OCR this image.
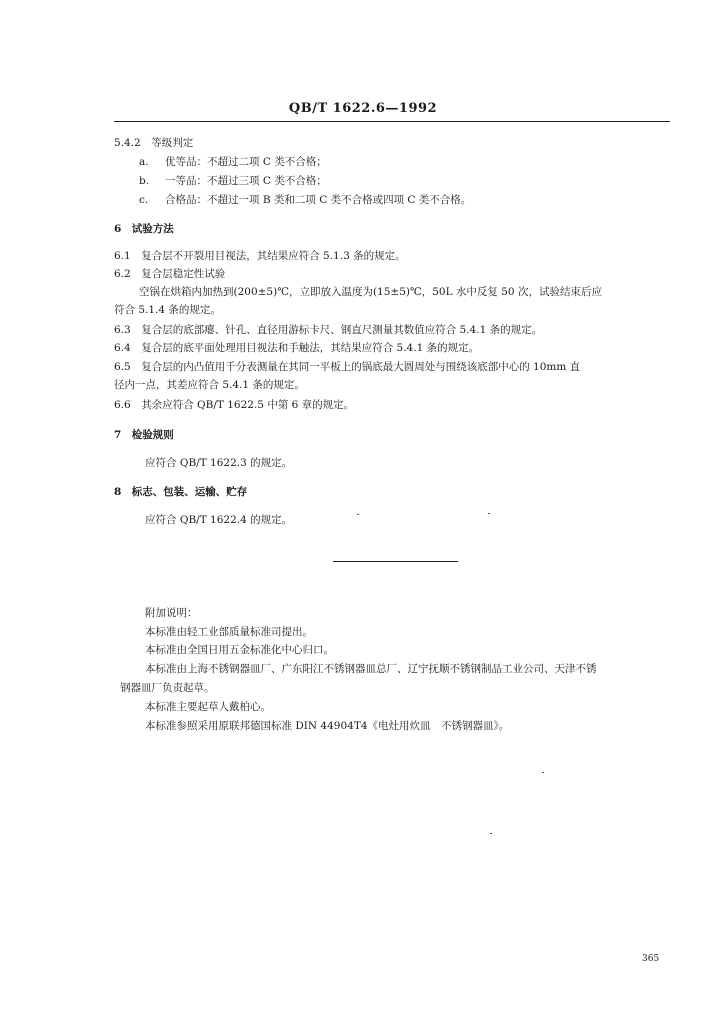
QB/T 1622.6—1992
5.4.2　等级判定
a. 优等品：不超过二项 C 类不合格；
b. 一等品：不超过三项 C 类不合格；
c. 合格品：不超过一项 B 类和二项 C 类不合格或四项 C 类不合格。
6　试验方法
6.1　复合层不开裂用目视法，其结果应符合 5.1.3 条的规定。
6.2　复合层稳定性试验
空锅在烘箱内加热到(200±5)℃，立即放入温度为(15±5)℃，50L 水中反复 50 次，试验结束后应
符合 5.1.4 条的规定。
6.3　复合层的底部瘪、针孔、直径用游标卡尺、钢直尺测量其数值应符合 5.4.1 条的规定。
6.4　复合层的底平面处理用目视法和手触法，其结果应符合 5.4.1 条的规定。
6.5　复合层的内凸值用千分表测量在其同一平板上的锅底最大圆周处与围绕该底部中心的 10mm 直
径内一点，其差应符合 5.4.1 条的规定。
6.6　其余应符合 QB/T 1622.5 中第 6 章的规定。
7　检验规则
应符合 QB/T 1622.3 的规定。
8　标志、包装、运输、贮存
应符合 QB/T 1622.4 的规定。
附加说明：
本标准由轻工业部质量标准司提出。
本标准由全国日用五金标准化中心归口。
本标准由上海不锈钢器皿厂、广东阳江不锈钢器皿总厂、辽宁抚顺不锈钢制品工业公司、天津不锈
钢器皿厂负责起草。
本标准主要起草人戴柏心。
本标准参照采用原联邦德国标准 DIN 44904T4《电灶用炊皿　不锈钢器皿》。
365
